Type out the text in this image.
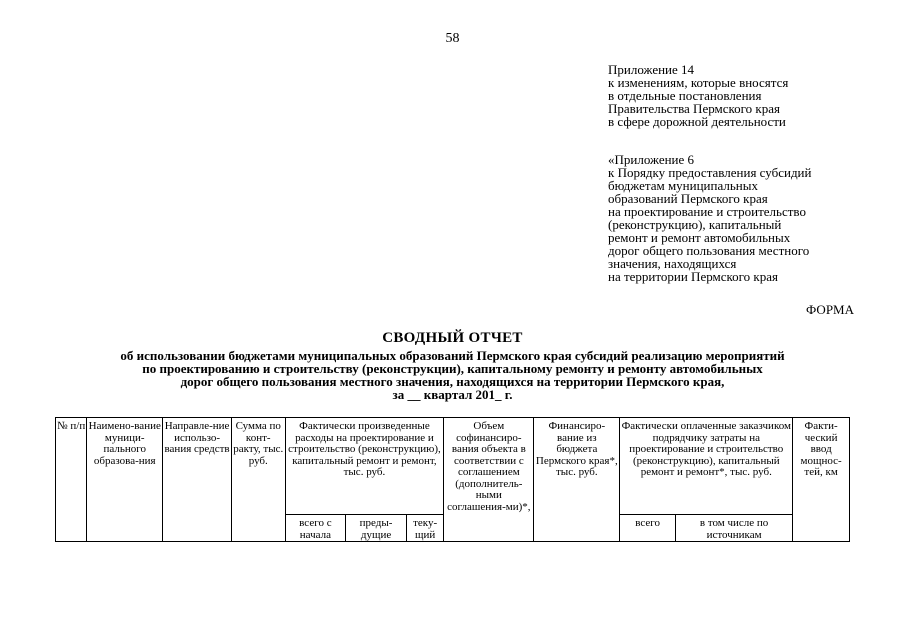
58
Приложение 14
к изменениям, которые вносятся
в отдельные постановления
Правительства Пермского края
в сфере дорожной деятельности
«Приложение 6
к Порядку предоставления субсидий
бюджетам муниципальных
образований Пермского края
на проектирование и строительство
(реконструкцию), капитальный
ремонт и ремонт автомобильных
дорог общего пользования местного
значения, находящихся
на территории Пермского края
ФОРМА
СВОДНЫЙ ОТЧЕТ
об использовании бюджетами муниципальных образований Пермского края субсидий реализацию мероприятий
по проектированию и строительству (реконструкции), капитальному ремонту и ремонту автомобильных
дорог общего пользования местного значения, находящихся на территории Пермского края,
за __ квартал 201_ г.
№ п/п	Наимено-вание муници-пального образова-ния	Направле-ние использо-вания средств	Сумма по конт-ракту, тыс. руб.	Фактически произведенные расходы на проектирование и строительство (реконструкцию), капитальный ремонт и ремонт, тыс. руб.			Объем софинансиро-вания объекта в соответствии с соглашением (дополнитель-ными соглашения-ми)*,	Финансиро-вание из бюджета Пермского края*, тыс. руб.	Фактически оплаченные заказчиком подрядчику затраты на проектирование и строительство (реконструкцию), капитальный ремонт и ремонт*, тыс. руб.		Факти-ческий ввод мощнос-тей, км
				всего с начала	преды-дущие	теку-щий			всего	в том числе по источникам	
